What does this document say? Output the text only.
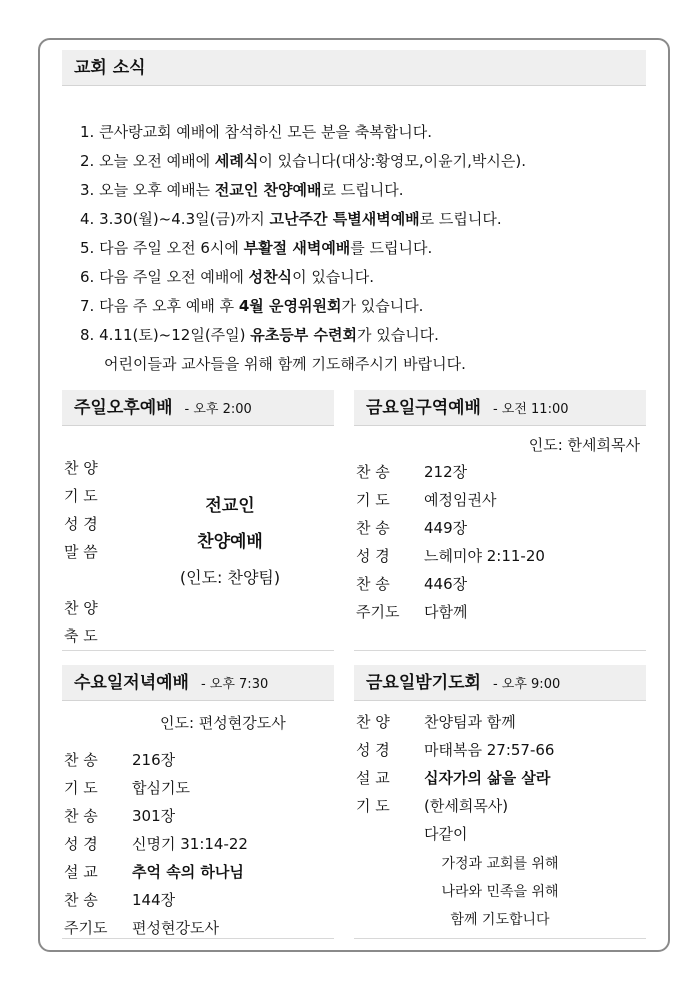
교회 소식
1. 큰사랑교회 예배에 참석하신 모든 분을 축복합니다.
2. 오늘 오전 예배에 세례식이 있습니다(대상:황영모,이윤기,박시은).
3. 오늘 오후 예배는 전교인 찬양예배로 드립니다.
4. 3.30(월)~4.3일(금)까지 고난주간 특별새벽예배로 드립니다.
5. 다음 주일 오전 6시에 부활절 새벽예배를 드립니다.
6. 다음 주일 오전 예배에 성찬식이 있습니다.
7. 다음 주 오후 예배 후 4월 운영위원회가 있습니다.
8. 4.11(토)~12일(주일) 유초등부 수련회가 있습니다.
어린이들과 교사들을 위해 함께 기도해주시기 바랍니다.
주일오후예배 - 오후 2:00
찬 양
기 도
성 경
말 씀
찬 양
축 도
전교인
찬양예배
(인도: 찬양팀)
금요일구역예배 - 오전 11:00
인도: 한세희목사
찬 송	212장
기 도	예정임권사
찬 송	449장
성 경	느헤미야 2:11-20
찬 송	446장
주기도	다함께
수요일저녁예배 - 오후 7:30
인도: 편성현강도사
찬 송	216장
기 도	합심기도
찬 송	301장
성 경	신명기 31:14-22
설 교	추억 속의 하나님
찬 송	144장
주기도	편성현강도사
금요일밤기도회 - 오후 9:00
찬 양	찬양팀과 함께
성 경	마태복음 27:57-66
설 교	십자가의 삶을 살라
기 도	(한세희목사)
다같이
가정과 교회를 위해
나라와 민족을 위해
함께 기도합니다
